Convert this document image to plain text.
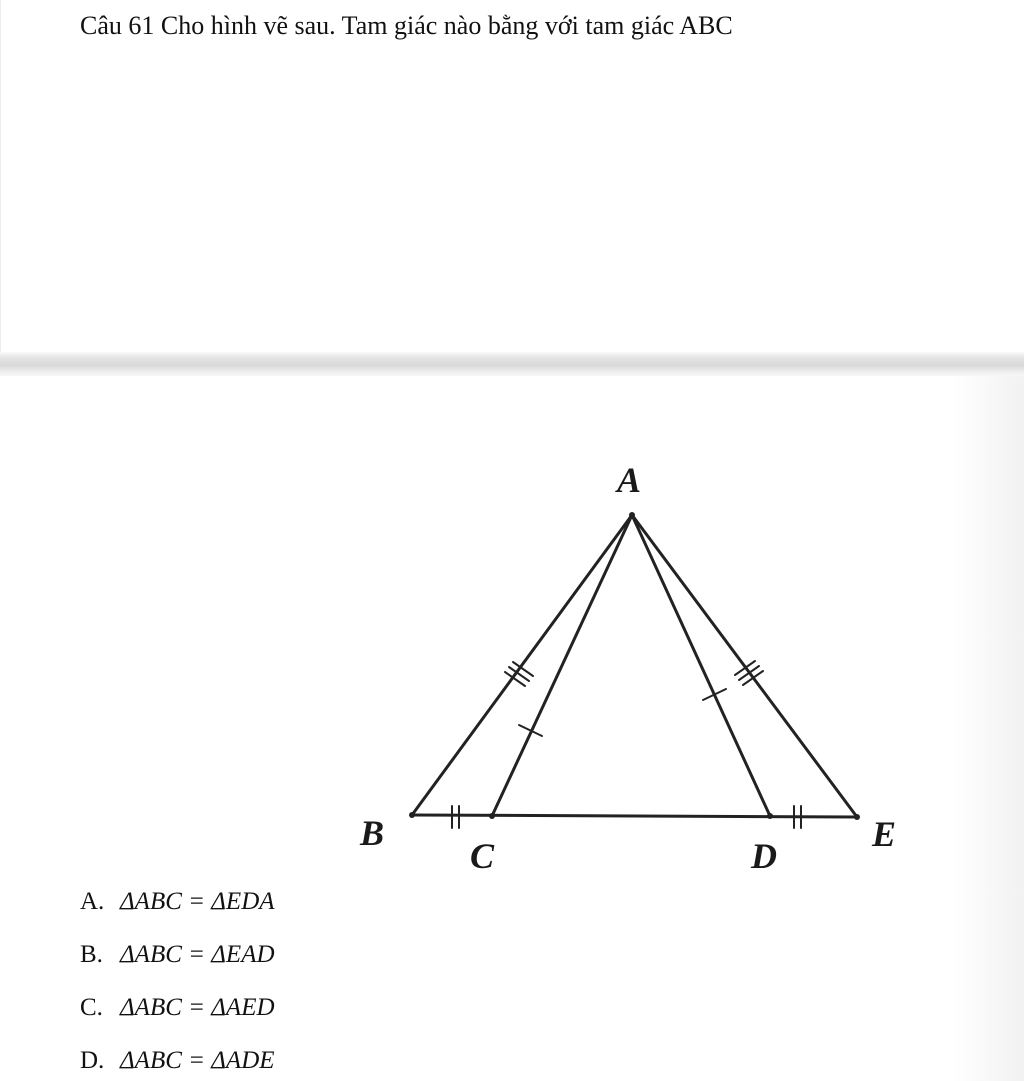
Câu 61 Cho hình vẽ sau. Tam giác nào bằng với tam giác ABC
A
B
C	D
E
A. ΔABC = ΔEDA
B. ΔABC = ΔEAD
C. ΔABC = ΔAED
D. ΔABC = ΔADE
